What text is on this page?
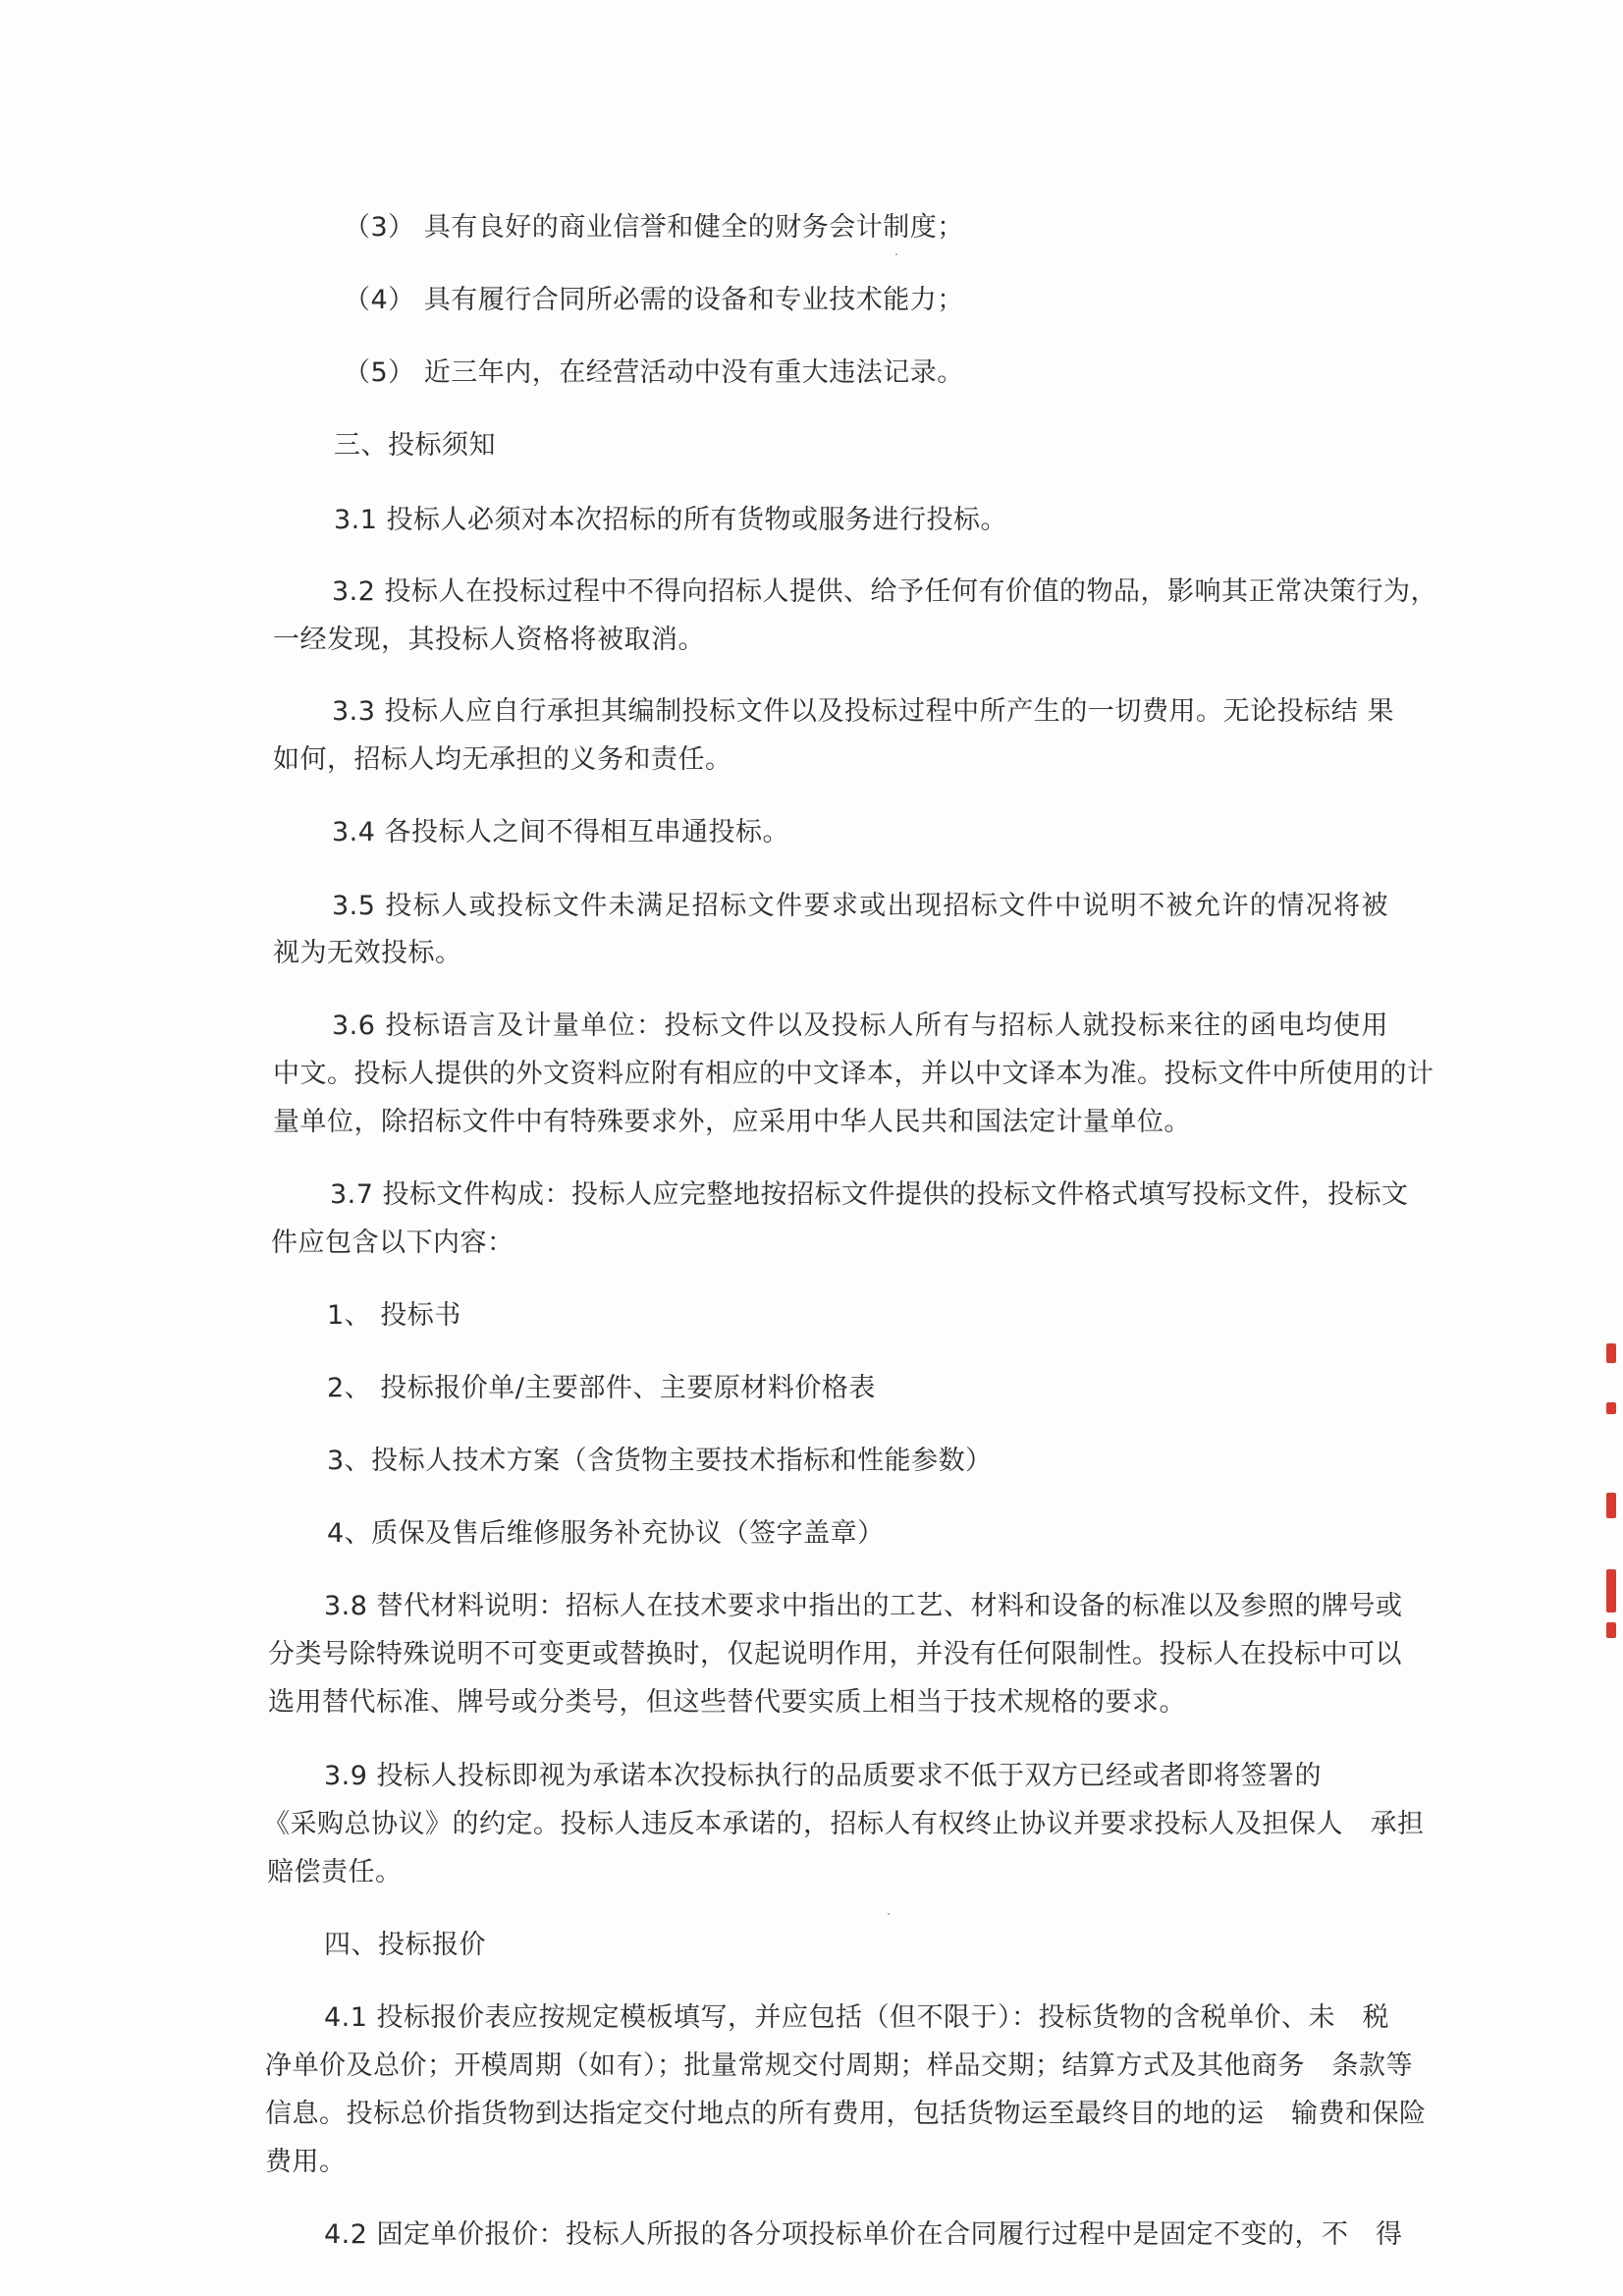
（3） 具有良好的商业信誉和健全的财务会计制度；
（4） 具有履行合同所必需的设备和专业技术能力；
（5） 近三年内，在经营活动中没有重大违法记录。
三、投标须知
3.1 投标人必须对本次招标的所有货物或服务进行投标。
3.2 投标人在投标过程中不得向招标人提供、给予任何有价值的物品，影响其正常决策行为，
一经发现，其投标人资格将被取消。
3.3 投标人应自行承担其编制投标文件以及投标过程中所产生的一切费用。无论投标结 果
如何，招标人均无承担的义务和责任。
3.4 各投标人之间不得相互串通投标。
3.5 投标人或投标文件未满足招标文件要求或出现招标文件中说明不被允许的情况将被
视为无效投标。
3.6 投标语言及计量单位：投标文件以及投标人所有与招标人就投标来往的函电均使用
中文。投标人提供的外文资料应附有相应的中文译本，并以中文译本为准。投标文件中所使用的计
量单位，除招标文件中有特殊要求外，应采用中华人民共和国法定计量单位。
3.7 投标文件构成：投标人应完整地按招标文件提供的投标文件格式填写投标文件，投标文
件应包含以下内容：
1、 投标书
2、 投标报价单/主要部件、主要原材料价格表
3、投标人技术方案（含货物主要技术指标和性能参数）
4、质保及售后维修服务补充协议（签字盖章）
3.8 替代材料说明：招标人在技术要求中指出的工艺、材料和设备的标准以及参照的牌号或
分类号除特殊说明不可变更或替换时，仅起说明作用，并没有任何限制性。投标人在投标中可以
选用替代标准、牌号或分类号，但这些替代要实质上相当于技术规格的要求。
3.9 投标人投标即视为承诺本次投标执行的品质要求不低于双方已经或者即将签署的
《采购总协议》的约定。投标人违反本承诺的，招标人有权终止协议并要求投标人及担保人　承担
赔偿责任。
四、投标报价
4.1 投标报价表应按规定模板填写，并应包括（但不限于）：投标货物的含税单价、未　税
净单价及总价；开模周期（如有）；批量常规交付周期；样品交期；结算方式及其他商务　条款等
信息。投标总价指货物到达指定交付地点的所有费用，包括货物运至最终目的地的运　输费和保险
费用。
4.2 固定单价报价：投标人所报的各分项投标单价在合同履行过程中是固定不变的，不　得
